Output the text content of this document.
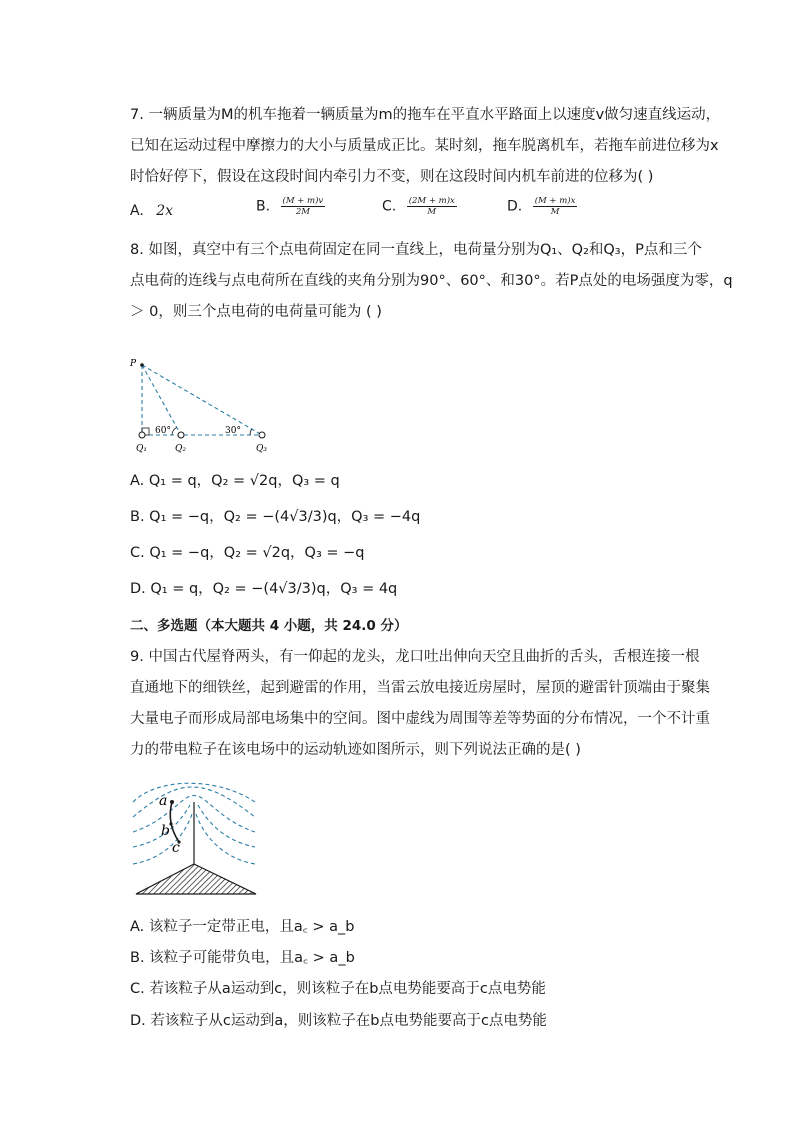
7. 一辆质量为M的机车拖着一辆质量为m的拖车在平直水平路面上以速度v做匀速直线运动，
已知在运动过程中摩擦力的大小与质量成正比。某时刻，拖车脱离机车，若拖车前进位移为x
时恰好停下，假设在这段时间内牵引力不变，则在这段时间内机车前进的位移为( )
A. 2x	B. $\frac{(M + m)v}{2M}$	C. $\frac{(2M + m)x}{M}$	D. $\frac{(M + m)x}{M}$
8. 如图，真空中有三个点电荷固定在同一直线上，电荷量分别为Q₁、Q₂和Q₃，P点和三个
点电荷的连线与点电荷所在直线的夹角分别为90°、60°、和30°。若P点处的电场强度为零，q
＞ 0，则三个点电荷的电荷量可能为 ( )
P
60°	30°
Q₁	Q₂	Q₃
A. Q₁ = q，Q₂ = √2q，Q₃ = q
B. Q₁ = −q，Q₂ = −(4√3/3)q，Q₃ = −4q
C. Q₁ = −q，Q₂ = √2q，Q₃ = −q
D. Q₁ = q，Q₂ = −(4√3/3)q，Q₃ = 4q
二、多选题（本大题共 4 小题，共 24.0 分）
9. 中国古代屋脊两头，有一仰起的龙头，龙口吐出伸向天空且曲折的舌头，舌根连接一根
直通地下的细铁丝，起到避雷的作用，当雷云放电接近房屋时，屋顶的避雷针顶端由于聚集
大量电子而形成局部电场集中的空间。图中虚线为周围等差等势面的分布情况，一个不计重
力的带电粒子在该电场中的运动轨迹如图所示，则下列说法正确的是( )
a
b
c
A. 该粒子一定带正电，且a꜀ > a_b
B. 该粒子可能带负电，且a꜀ > a_b
C. 若该粒子从a运动到c，则该粒子在b点电势能要高于c点电势能
D. 若该粒子从c运动到a，则该粒子在b点电势能要高于c点电势能
